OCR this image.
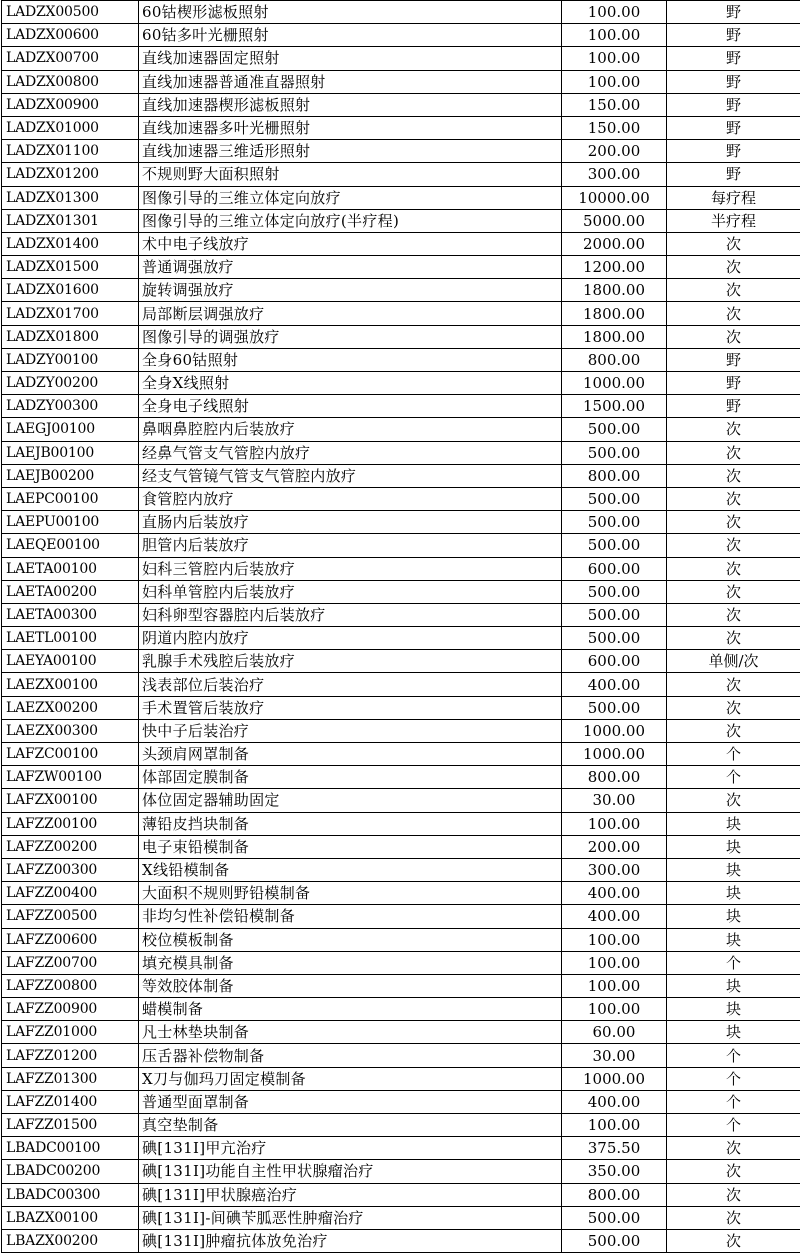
LADZX00500	60钴楔形滤板照射	100.00	野
LADZX00600	60钴多叶光栅照射	100.00	野
LADZX00700	直线加速器固定照射	100.00	野
LADZX00800	直线加速器普通准直器照射	100.00	野
LADZX00900	直线加速器楔形滤板照射	150.00	野
LADZX01000	直线加速器多叶光栅照射	150.00	野
LADZX01100	直线加速器三维适形照射	200.00	野
LADZX01200	不规则野大面积照射	300.00	野
LADZX01300	图像引导的三维立体定向放疗	10000.00	每疗程
LADZX01301	图像引导的三维立体定向放疗(半疗程)	5000.00	半疗程
LADZX01400	术中电子线放疗	2000.00	次
LADZX01500	普通调强放疗	1200.00	次
LADZX01600	旋转调强放疗	1800.00	次
LADZX01700	局部断层调强放疗	1800.00	次
LADZX01800	图像引导的调强放疗	1800.00	次
LADZY00100	全身60钴照射	800.00	野
LADZY00200	全身X线照射	1000.00	野
LADZY00300	全身电子线照射	1500.00	野
LAEGJ00100	鼻咽鼻腔腔内后装放疗	500.00	次
LAEJB00100	经鼻气管支气管腔内放疗	500.00	次
LAEJB00200	经支气管镜气管支气管腔内放疗	800.00	次
LAEPC00100	食管腔内放疗	500.00	次
LAEPU00100	直肠内后装放疗	500.00	次
LAEQE00100	胆管内后装放疗	500.00	次
LAETA00100	妇科三管腔内后装放疗	600.00	次
LAETA00200	妇科单管腔内后装放疗	500.00	次
LAETA00300	妇科卵型容器腔内后装放疗	500.00	次
LAETL00100	阴道内腔内放疗	500.00	次
LAEYA00100	乳腺手术残腔后装放疗	600.00	单侧/次
LAEZX00100	浅表部位后装治疗	400.00	次
LAEZX00200	手术置管后装放疗	500.00	次
LAEZX00300	快中子后装治疗	1000.00	次
LAFZC00100	头颈肩网罩制备	1000.00	个
LAFZW00100	体部固定膜制备	800.00	个
LAFZX00100	体位固定器辅助固定	30.00	次
LAFZZ00100	薄铅皮挡块制备	100.00	块
LAFZZ00200	电子束铅模制备	200.00	块
LAFZZ00300	X线铅模制备	300.00	块
LAFZZ00400	大面积不规则野铅模制备	400.00	块
LAFZZ00500	非均匀性补偿铅模制备	400.00	块
LAFZZ00600	校位模板制备	100.00	块
LAFZZ00700	填充模具制备	100.00	个
LAFZZ00800	等效胶体制备	100.00	块
LAFZZ00900	蜡模制备	100.00	块
LAFZZ01000	凡士林垫块制备	60.00	块
LAFZZ01200	压舌器补偿物制备	30.00	个
LAFZZ01300	X刀与伽玛刀固定模制备	1000.00	个
LAFZZ01400	普通型面罩制备	400.00	个
LAFZZ01500	真空垫制备	100.00	个
LBADC00100	碘[131I]甲亢治疗	375.50	次
LBADC00200	碘[131I]功能自主性甲状腺瘤治疗	350.00	次
LBADC00300	碘[131I]甲状腺癌治疗	800.00	次
LBAZX00100	碘[131I]-间碘苄胍恶性肿瘤治疗	500.00	次
LBAZX00200	碘[131I]肿瘤抗体放免治疗	500.00	次
